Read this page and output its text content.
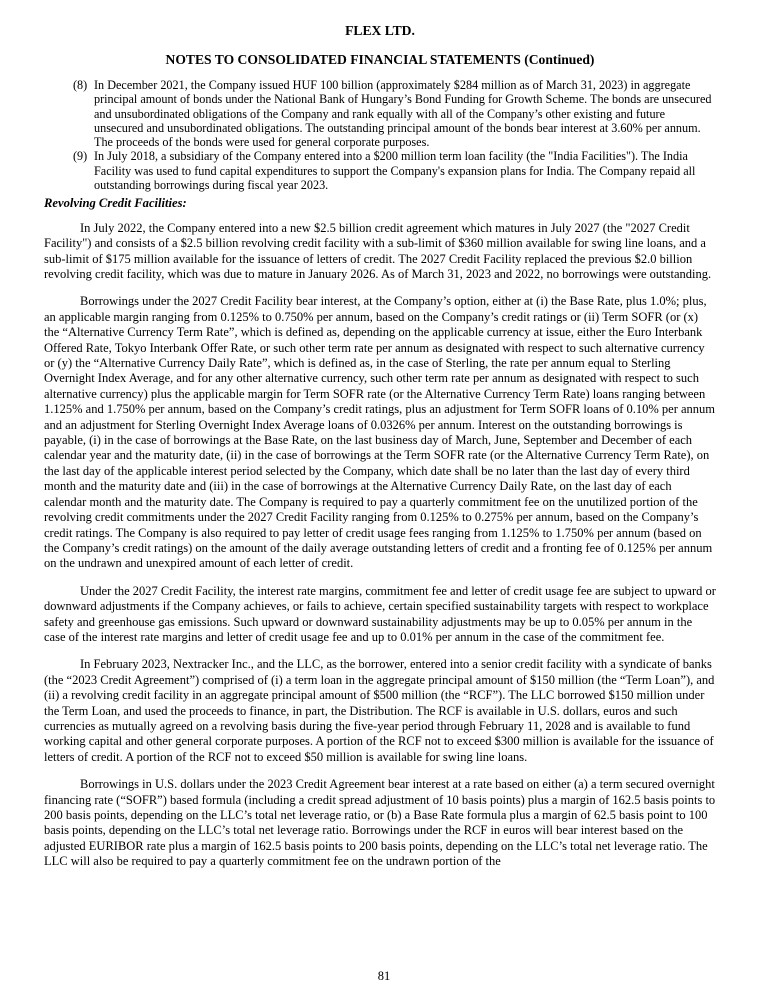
FLEX LTD.
NOTES TO CONSOLIDATED FINANCIAL STATEMENTS (Continued)
(8) In December 2021, the Company issued HUF 100 billion (approximately $284 million as of March 31, 2023) in aggregate principal amount of bonds under the National Bank of Hungary’s Bond Funding for Growth Scheme. The bonds are unsecured and unsubordinated obligations of the Company and rank equally with all of the Company’s other existing and future unsecured and unsubordinated obligations. The outstanding principal amount of the bonds bear interest at 3.60% per annum. The proceeds of the bonds were used for general corporate purposes.
(9) In July 2018, a subsidiary of the Company entered into a $200 million term loan facility (the "India Facilities"). The India Facility was used to fund capital expenditures to support the Company's expansion plans for India. The Company repaid all outstanding borrowings during fiscal year 2023.
Revolving Credit Facilities:

In July 2022, the Company entered into a new $2.5 billion credit agreement which matures in July 2027 (the "2027 Credit Facility") and consists of a $2.5 billion revolving credit facility with a sub-limit of $360 million available for swing line loans, and a sub-limit of $175 million available for the issuance of letters of credit. The 2027 Credit Facility replaced the previous $2.0 billion revolving credit facility, which was due to mature in January 2026. As of March 31, 2023 and 2022, no borrowings were outstanding.

Borrowings under the 2027 Credit Facility bear interest, at the Company’s option, either at (i) the Base Rate, plus 1.0%; plus, an applicable margin ranging from 0.125% to 0.750% per annum, based on the Company’s credit ratings or (ii) Term SOFR (or (x) the “Alternative Currency Term Rate”, which is defined as, depending on the applicable currency at issue, either the Euro Interbank Offered Rate, Tokyo Interbank Offer Rate, or such other term rate per annum as designated with respect to such alternative currency or (y) the “Alternative Currency Daily Rate”, which is defined as, in the case of Sterling, the rate per annum equal to Sterling Overnight Index Average, and for any other alternative currency, such other term rate per annum as designated with respect to such alternative currency) plus the applicable margin for Term SOFR rate (or the Alternative Currency Term Rate) loans ranging between 1.125% and 1.750% per annum, based on the Company’s credit ratings, plus an adjustment for Term SOFR loans of 0.10% per annum and an adjustment for Sterling Overnight Index Average loans of 0.0326% per annum. Interest on the outstanding borrowings is payable, (i) in the case of borrowings at the Base Rate, on the last business day of March, June, September and December of each calendar year and the maturity date, (ii) in the case of borrowings at the Term SOFR rate (or the Alternative Currency Term Rate), on the last day of the applicable interest period selected by the Company, which date shall be no later than the last day of every third month and the maturity date and (iii) in the case of borrowings at the Alternative Currency Daily Rate, on the last day of each calendar month and the maturity date. The Company is required to pay a quarterly commitment fee on the unutilized portion of the revolving credit commitments under the 2027 Credit Facility ranging from 0.125% to 0.275% per annum, based on the Company’s credit ratings. The Company is also required to pay letter of credit usage fees ranging from 1.125% to 1.750% per annum (based on the Company’s credit ratings) on the amount of the daily average outstanding letters of credit and a fronting fee of 0.125% per annum on the undrawn and unexpired amount of each letter of credit.

Under the 2027 Credit Facility, the interest rate margins, commitment fee and letter of credit usage fee are subject to upward or downward adjustments if the Company achieves, or fails to achieve, certain specified sustainability targets with respect to workplace safety and greenhouse gas emissions. Such upward or downward sustainability adjustments may be up to 0.05% per annum in the case of the interest rate margins and letter of credit usage fee and up to 0.01% per annum in the case of the commitment fee.

In February 2023, Nextracker Inc., and the LLC, as the borrower, entered into a senior credit facility with a syndicate of banks (the “2023 Credit Agreement”) comprised of (i) a term loan in the aggregate principal amount of $150 million (the “Term Loan”), and (ii) a revolving credit facility in an aggregate principal amount of $500 million (the “RCF”). The LLC borrowed $150 million under the Term Loan, and used the proceeds to finance, in part, the Distribution. The RCF is available in U.S. dollars, euros and such currencies as mutually agreed on a revolving basis during the five-year period through February 11, 2028 and is available to fund working capital and other general corporate purposes. A portion of the RCF not to exceed $300 million is available for the issuance of letters of credit. A portion of the RCF not to exceed $50 million is available for swing line loans.

Borrowings in U.S. dollars under the 2023 Credit Agreement bear interest at a rate based on either (a) a term secured overnight financing rate (“SOFR”) based formula (including a credit spread adjustment of 10 basis points) plus a margin of 162.5 basis points to 200 basis points, depending on the LLC’s total net leverage ratio, or (b) a Base Rate formula plus a margin of 62.5 basis point to 100 basis points, depending on the LLC’s total net leverage ratio. Borrowings under the RCF in euros will bear interest based on the adjusted EURIBOR rate plus a margin of 162.5 basis points to 200 basis points, depending on the LLC’s total net leverage ratio. The LLC will also be required to pay a quarterly commitment fee on the undrawn portion of the

81
